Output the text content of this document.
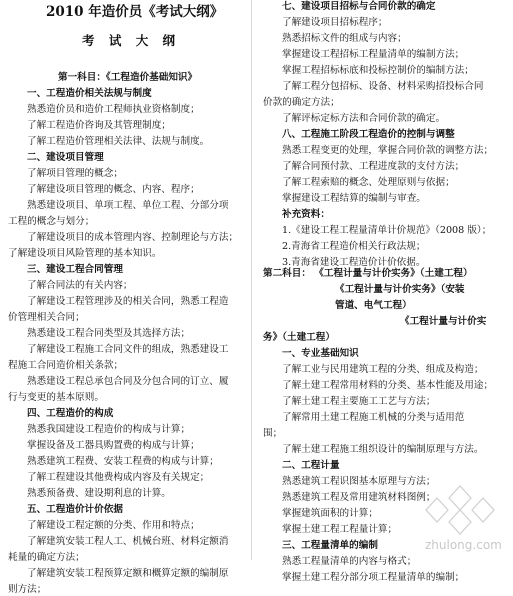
2010 年造价员《考试大纲》
考 试 大 纲
第一科目：《工程造价基础知识》
一、工程造价相关法规与制度
熟悉造价员和造价工程师执业资格制度；
了解工程造价咨询及其管理制度；
了解工程造价管理相关法律、法规与制度。
二、建设项目管理
了解项目管理的概念；
了解建设项目管理的概念、内容、程序；
熟悉建设项目、单项工程、单位工程、分部分项
工程的概念与划分；
了解建设项目的成本管理内容、控制理论与方法；
了解建设项目风险管理的基本知识。
三、建设工程合同管理
了解合同法的有关内容；
了解建设工程管理涉及的相关合同，熟悉工程造
价管理相关合同；
熟悉建设工程合同类型及其选择方法；
了解建设工程施工合同文件的组成，熟悉建设工
程施工合同造价相关条款；
熟悉建设工程总承包合同及分包合同的订立、履
行与变更的基本原则。
四、工程造价的构成
熟悉我国建设工程造价的构成与计算；
掌握设备及工器具购置费的构成与计算；
熟悉建筑工程费、安装工程费的构成与计算；
了解工程建设其他费构成内容及有关规定；
熟悉预备费、建设期利息的计算。
五、工程造价计价依据
了解建设工程定额的分类、作用和特点；
了解建筑安装工程人工、机械台班、材料定额消
耗量的确定方法；
了解建筑安装工程预算定额和概算定额的编制原
则方法；
七、建设项目招标与合同价款的确定
了解建设项目招标程序；
熟悉招标文件的组成与内容；
掌握建设工程招标工程量清单的编制方法；
掌握工程招标标底和投标控制价的编制方法；
了解工程分包招标、设备、材料采购招投标合同
价款的确定方法；
了解评标定标方法和合同价款的确定。
八、工程施工阶段工程造价的控制与调整
熟悉工程变更的处理，掌握合同价款的调整方法；
了解合同预付款、工程进度款的支付方法；
了解工程索赔的概念、处理原则与依据；
掌握建设工程结算的编制与审查。
补充资料：
1.《建设工程工程量清单计价规范》（2008 版）；
2.青海省工程造价相关行政法规；
3.青海省建设工程造价计价依据。
第二科目： 《工程计量与计价实务》（土建工程）
《工程计量与计价实务》（安装
管道、电气工程）
《工程计量与计价实
务》（土建工程）
一、专业基础知识
了解工业与民用建筑工程的分类、组成及构造；
了解土建工程常用材料的分类、基本性能及用途；
了解土建工程主要施工工艺与方法；
了解常用土建工程施工机械的分类与适用范
围；
了解土建工程施工组织设计的编制原理与方法。
二、工程计量
熟悉建筑工程识图基本原理与方法；
熟悉建筑工程及常用建筑材料图例；
掌握建筑面积的计算；
掌握土建工程工程量计算；
三、工程量清单的编制
熟悉工程量清单的内容与格式；
掌握土建工程分部分项工程量清单的编制；
zhulong.com
